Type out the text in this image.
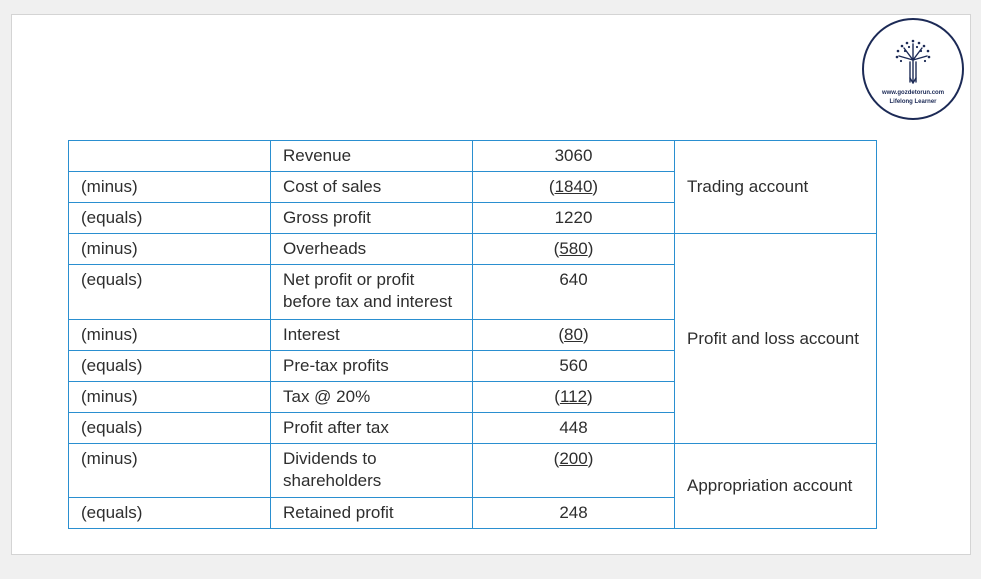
www.gozdetorun.com
Lifelong Learner
	Revenue	3060	Trading account
(minus)	Cost of sales	(1840)	
(equals)	Gross profit	1220	
(minus)	Overheads	(580)	Profit and loss account
(equals)	Net profit or profit before tax and interest	640	
(minus)	Interest	(80)	
(equals)	Pre-tax profits	560	
(minus)	Tax @ 20%	(112)	
(equals)	Profit after tax	448	
(minus)	Dividends to shareholders	(200)	Appropriation account
(equals)	Retained profit	248	
